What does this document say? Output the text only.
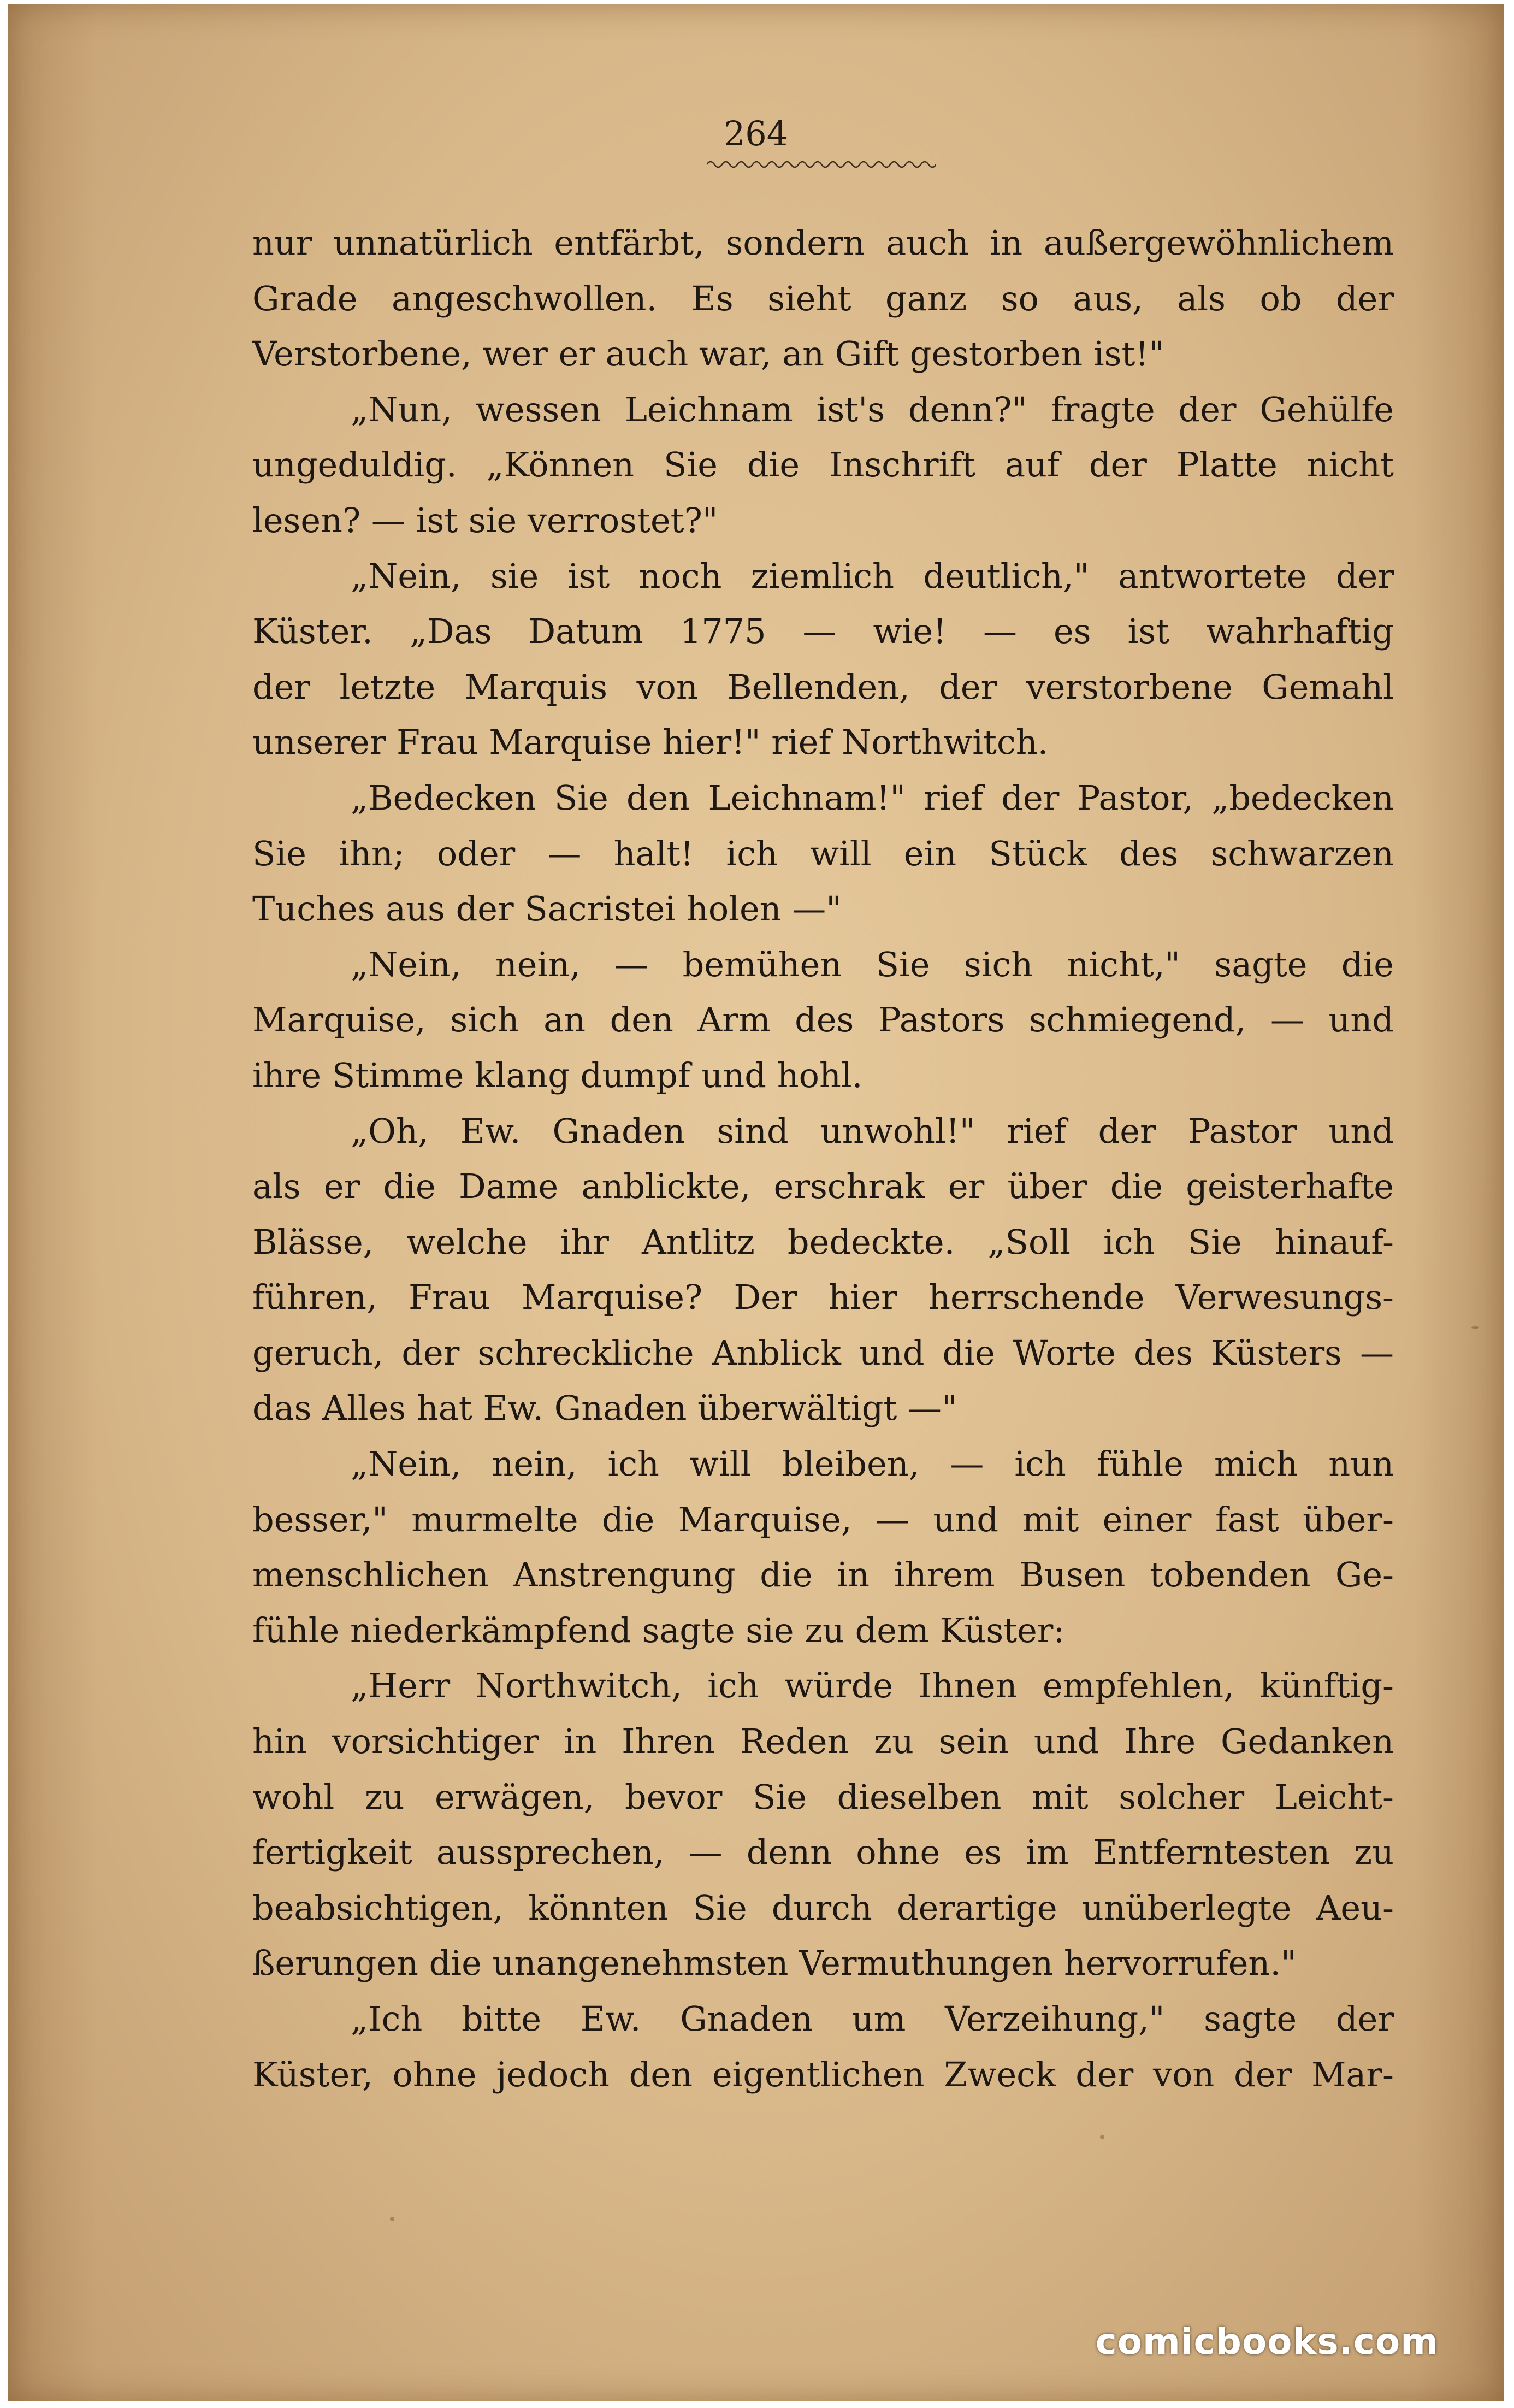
264
nur unnatürlich entfärbt, sondern auch in außergewöhnlichem
Grade angeschwollen. Es sieht ganz so aus, als ob der
Verstorbene, wer er auch war, an Gift gestorben ist!"
„Nun, wessen Leichnam ist's denn?" fragte der Gehülfe
ungeduldig. „Können Sie die Inschrift auf der Platte nicht
lesen? — ist sie verrostet?"
„Nein, sie ist noch ziemlich deutlich," antwortete der
Küster. „Das Datum 1775 — wie! — es ist wahrhaftig
der letzte Marquis von Bellenden, der verstorbene Gemahl
unserer Frau Marquise hier!" rief Northwitch.
„Bedecken Sie den Leichnam!" rief der Pastor, „bedecken
Sie ihn; oder — halt! ich will ein Stück des schwarzen
Tuches aus der Sacristei holen —"
„Nein, nein, — bemühen Sie sich nicht," sagte die
Marquise, sich an den Arm des Pastors schmiegend, — und
ihre Stimme klang dumpf und hohl.
„Oh, Ew. Gnaden sind unwohl!" rief der Pastor und
als er die Dame anblickte, erschrak er über die geisterhafte
Blässe, welche ihr Antlitz bedeckte. „Soll ich Sie hinauf-
führen, Frau Marquise? Der hier herrschende Verwesungs-
geruch, der schreckliche Anblick und die Worte des Küsters —
das Alles hat Ew. Gnaden überwältigt —"
„Nein, nein, ich will bleiben, — ich fühle mich nun
besser," murmelte die Marquise, — und mit einer fast über-
menschlichen Anstrengung die in ihrem Busen tobenden Ge-
fühle niederkämpfend sagte sie zu dem Küster:
„Herr Northwitch, ich würde Ihnen empfehlen, künftig-
hin vorsichtiger in Ihren Reden zu sein und Ihre Gedanken
wohl zu erwägen, bevor Sie dieselben mit solcher Leicht-
fertigkeit aussprechen, — denn ohne es im Entferntesten zu
beabsichtigen, könnten Sie durch derartige unüberlegte Aeu-
ßerungen die unangenehmsten Vermuthungen hervorrufen."
„Ich bitte Ew. Gnaden um Verzeihung," sagte der
Küster, ohne jedoch den eigentlichen Zweck der von der Mar-
comicbooks.com
